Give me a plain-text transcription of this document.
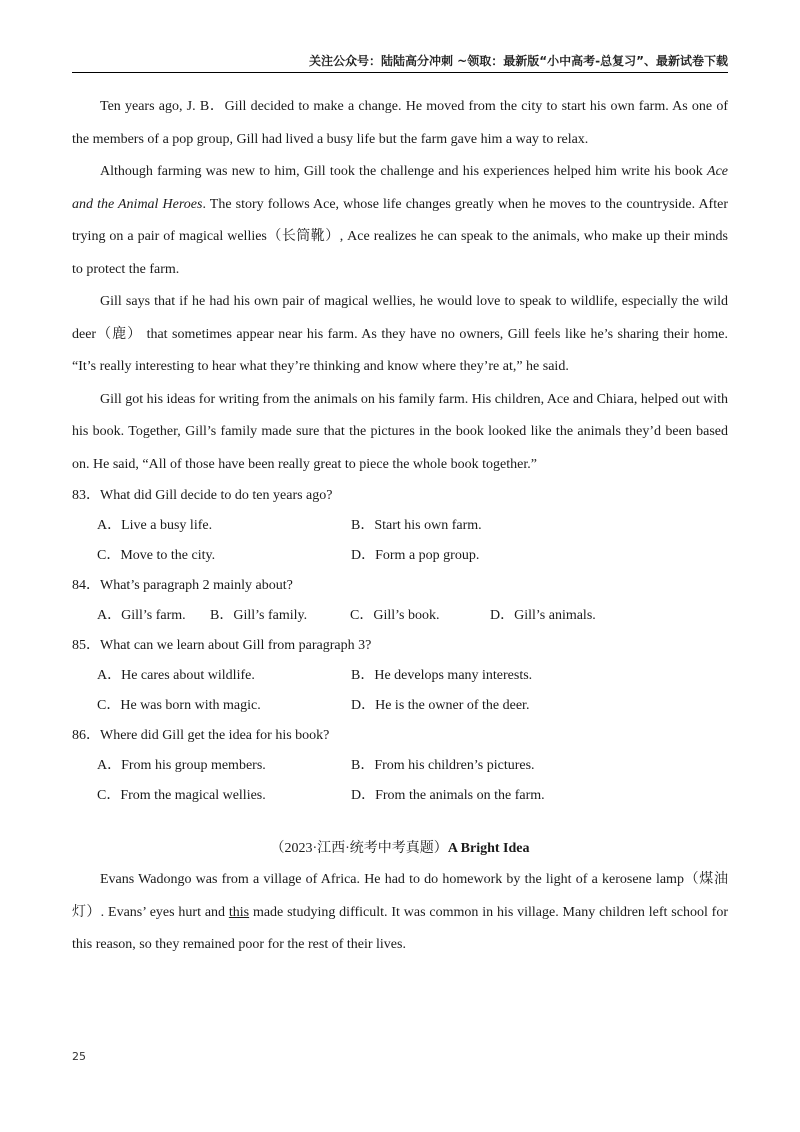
关注公众号：陆陆高分冲刺 ~领取：最新版“小中高考-总复习”、最新试卷下载

Ten years ago, J. B．Gill decided to make a change. He moved from the city to start his own farm. As one of the members of a pop group, Gill had lived a busy life but the farm gave him a way to relax.

Although farming was new to him, Gill took the challenge and his experiences helped him write his book Ace and the Animal Heroes. The story follows Ace, whose life changes greatly when he moves to the countryside. After trying on a pair of magical wellies（长筒靴）, Ace realizes he can speak to the animals, who make up their minds to protect the farm.

Gill says that if he had his own pair of magical wellies, he would love to speak to wildlife, especially the wild deer（鹿） that sometimes appear near his farm. As they have no owners, Gill feels like he’s sharing their home. “It’s really interesting to hear what they’re thinking and know where they’re at,” he said.

Gill got his ideas for writing from the animals on his family farm. His children, Ace and Chiara, helped out with his book. Together, Gill’s family made sure that the pictures in the book looked like the animals they’d been based on. He said, “All of those have been really great to piece the whole book together.”

83．What did Gill decide to do ten years ago?
A．Live a busy life.	B．Start his own farm.
C．Move to the city.	D．Form a pop group.
84．What’s paragraph 2 mainly about?
A．Gill’s farm. B．Gill’s family.	C．Gill’s book.	D．Gill’s animals.
85．What can we learn about Gill from paragraph 3?
A．He cares about wildlife.	B．He develops many interests.
C．He was born with magic.	D．He is the owner of the deer.
86．Where did Gill get the idea for his book?
A．From his group members.	B．From his children’s pictures.
C．From the magical wellies.	D．From the animals on the farm.
（2023·江西·统考中考真题）A Bright Idea

Evans Wadongo was from a village of Africa. He had to do homework by the light of a kerosene lamp（煤油灯）. Evans’ eyes hurt and this made studying difficult. It was common in his village. Many children left school for this reason, so they remained poor for the rest of their lives.

25
